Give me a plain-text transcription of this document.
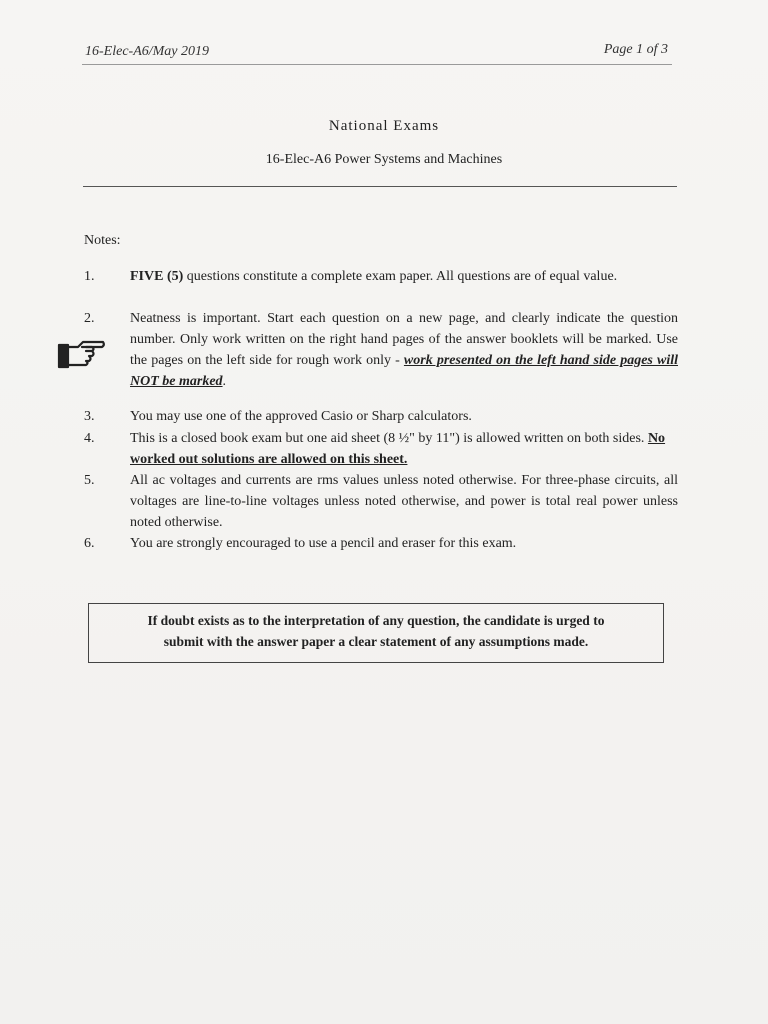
16-Elec-A6/May 2019	Page 1 of 3
National Exams
16-Elec-A6 Power Systems and Machines
Notes:
1.	FIVE (5) questions constitute a complete exam paper. All questions are of equal value.
2.	Neatness is important. Start each question on a new page, and clearly indicate the question number. Only work written on the right hand pages of the answer booklets will be marked. Use the pages on the left side for rough work only - work presented on the left hand side pages will NOT be marked.
3.	You may use one of the approved Casio or Sharp calculators.
4.	This is a closed book exam but one aid sheet (8 ½" by 11") is allowed written on both sides. No worked out solutions are allowed on this sheet.
5.	All ac voltages and currents are rms values unless noted otherwise. For three-phase circuits, all voltages are line-to-line voltages unless noted otherwise, and power is total real power unless noted otherwise.
6.	You are strongly encouraged to use a pencil and eraser for this exam.
If doubt exists as to the interpretation of any question, the candidate is urged to
submit with the answer paper a clear statement of any assumptions made.
